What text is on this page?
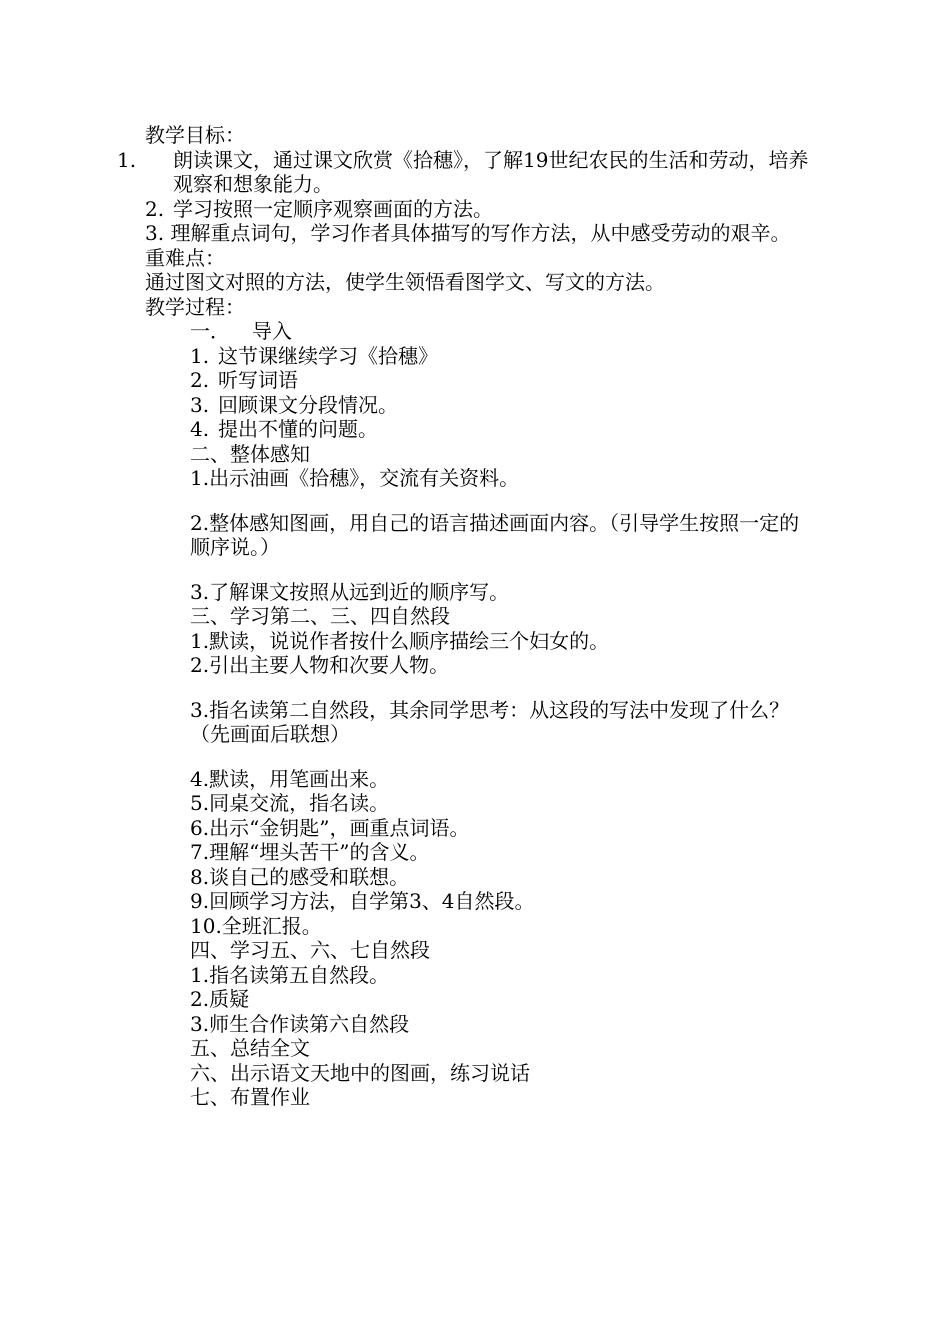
教学目标：

1. 朗读课文，通过课文欣赏《拾穗》，了解19世纪农民的生活和劳动，培养观察和想象能力。

2. 学习按照一定顺序观察画面的方法。

3. 理解重点词句，学习作者具体描写的写作方法，从中感受劳动的艰辛。

重难点：

通过图文对照的方法，使学生领悟看图学文、写文的方法。

教学过程：

一． 导入

1. 这节课继续学习《拾穗》

2. 听写词语

3. 回顾课文分段情况。

4. 提出不懂的问题。

二、整体感知

1.出示油画《拾穗》，交流有关资料。

2.整体感知图画，用自己的语言描述画面内容。（引导学生按照一定的顺序说。）

3.了解课文按照从远到近的顺序写。

三、学习第二、三、四自然段

1.默读，说说作者按什么顺序描绘三个妇女的。

2.引出主要人物和次要人物。

3.指名读第二自然段，其余同学思考：从这段的写法中发现了什么？（先画面后联想）

4.默读，用笔画出来。

5.同桌交流，指名读。

6.出示“金钥匙”，画重点词语。

7.理解“埋头苦干”的含义。

8.谈自己的感受和联想。

9.回顾学习方法，自学第3、4自然段。

10.全班汇报。

四、学习五、六、七自然段

1.指名读第五自然段。

2.质疑

3.师生合作读第六自然段

五、总结全文

六、出示语文天地中的图画，练习说话

七、布置作业
